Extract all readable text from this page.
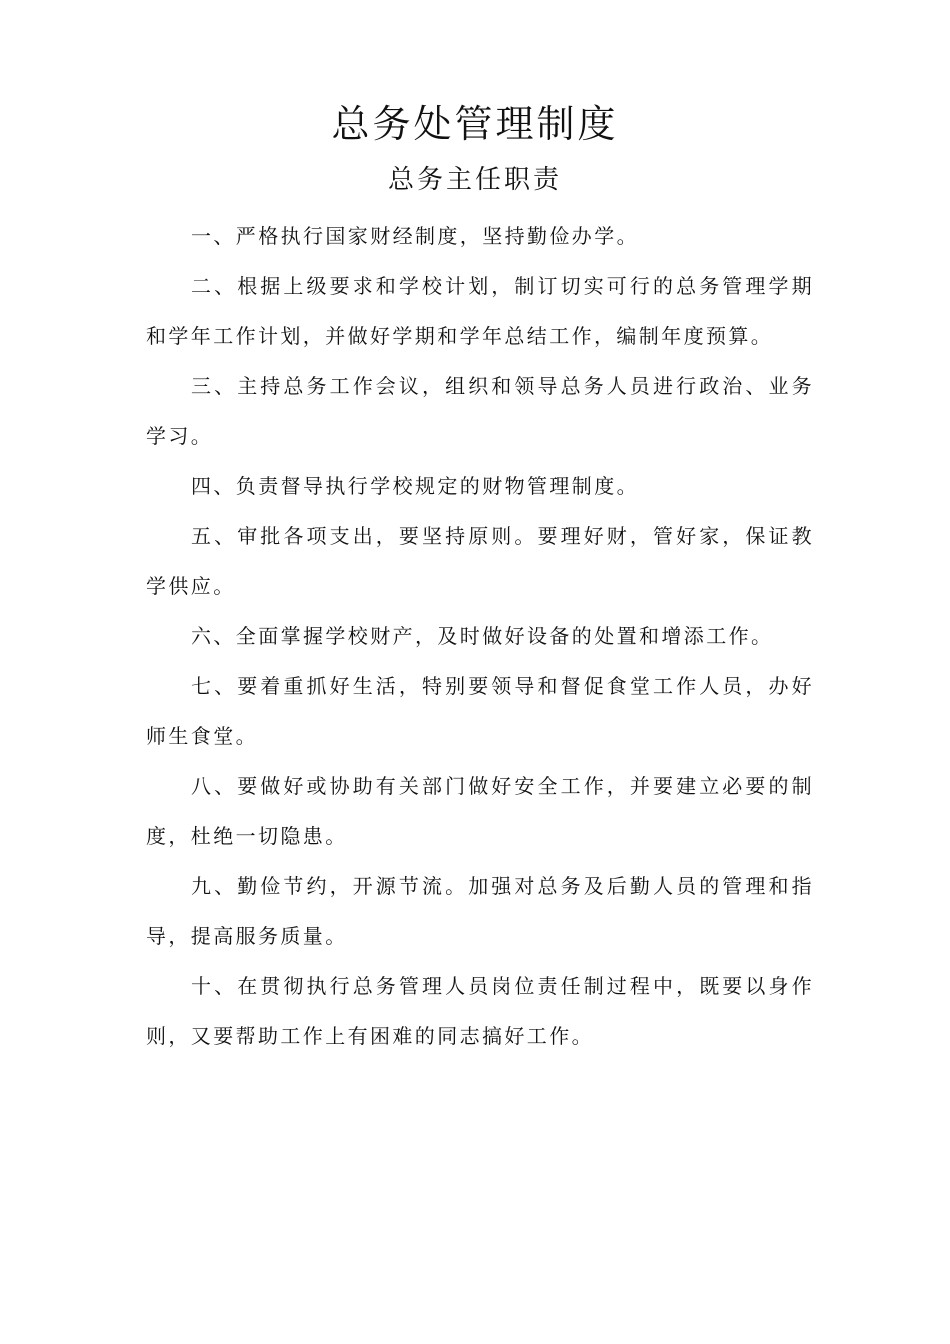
总务处管理制度
总务主任职责

一、严格执行国家财经制度，坚持勤俭办学。

二、根据上级要求和学校计划，制订切实可行的总务管理学期和学年工作计划，并做好学期和学年总结工作，编制年度预算。

三、主持总务工作会议，组织和领导总务人员进行政治、业务学习。

四、负责督导执行学校规定的财物管理制度。

五、审批各项支出，要坚持原则。要理好财，管好家，保证教学供应。

六、全面掌握学校财产，及时做好设备的处置和增添工作。

七、要着重抓好生活，特别要领导和督促食堂工作人员，办好师生食堂。

八、要做好或协助有关部门做好安全工作，并要建立必要的制度，杜绝一切隐患。

九、勤俭节约，开源节流。加强对总务及后勤人员的管理和指导，提高服务质量。

十、在贯彻执行总务管理人员岗位责任制过程中，既要以身作则，又要帮助工作上有困难的同志搞好工作。
